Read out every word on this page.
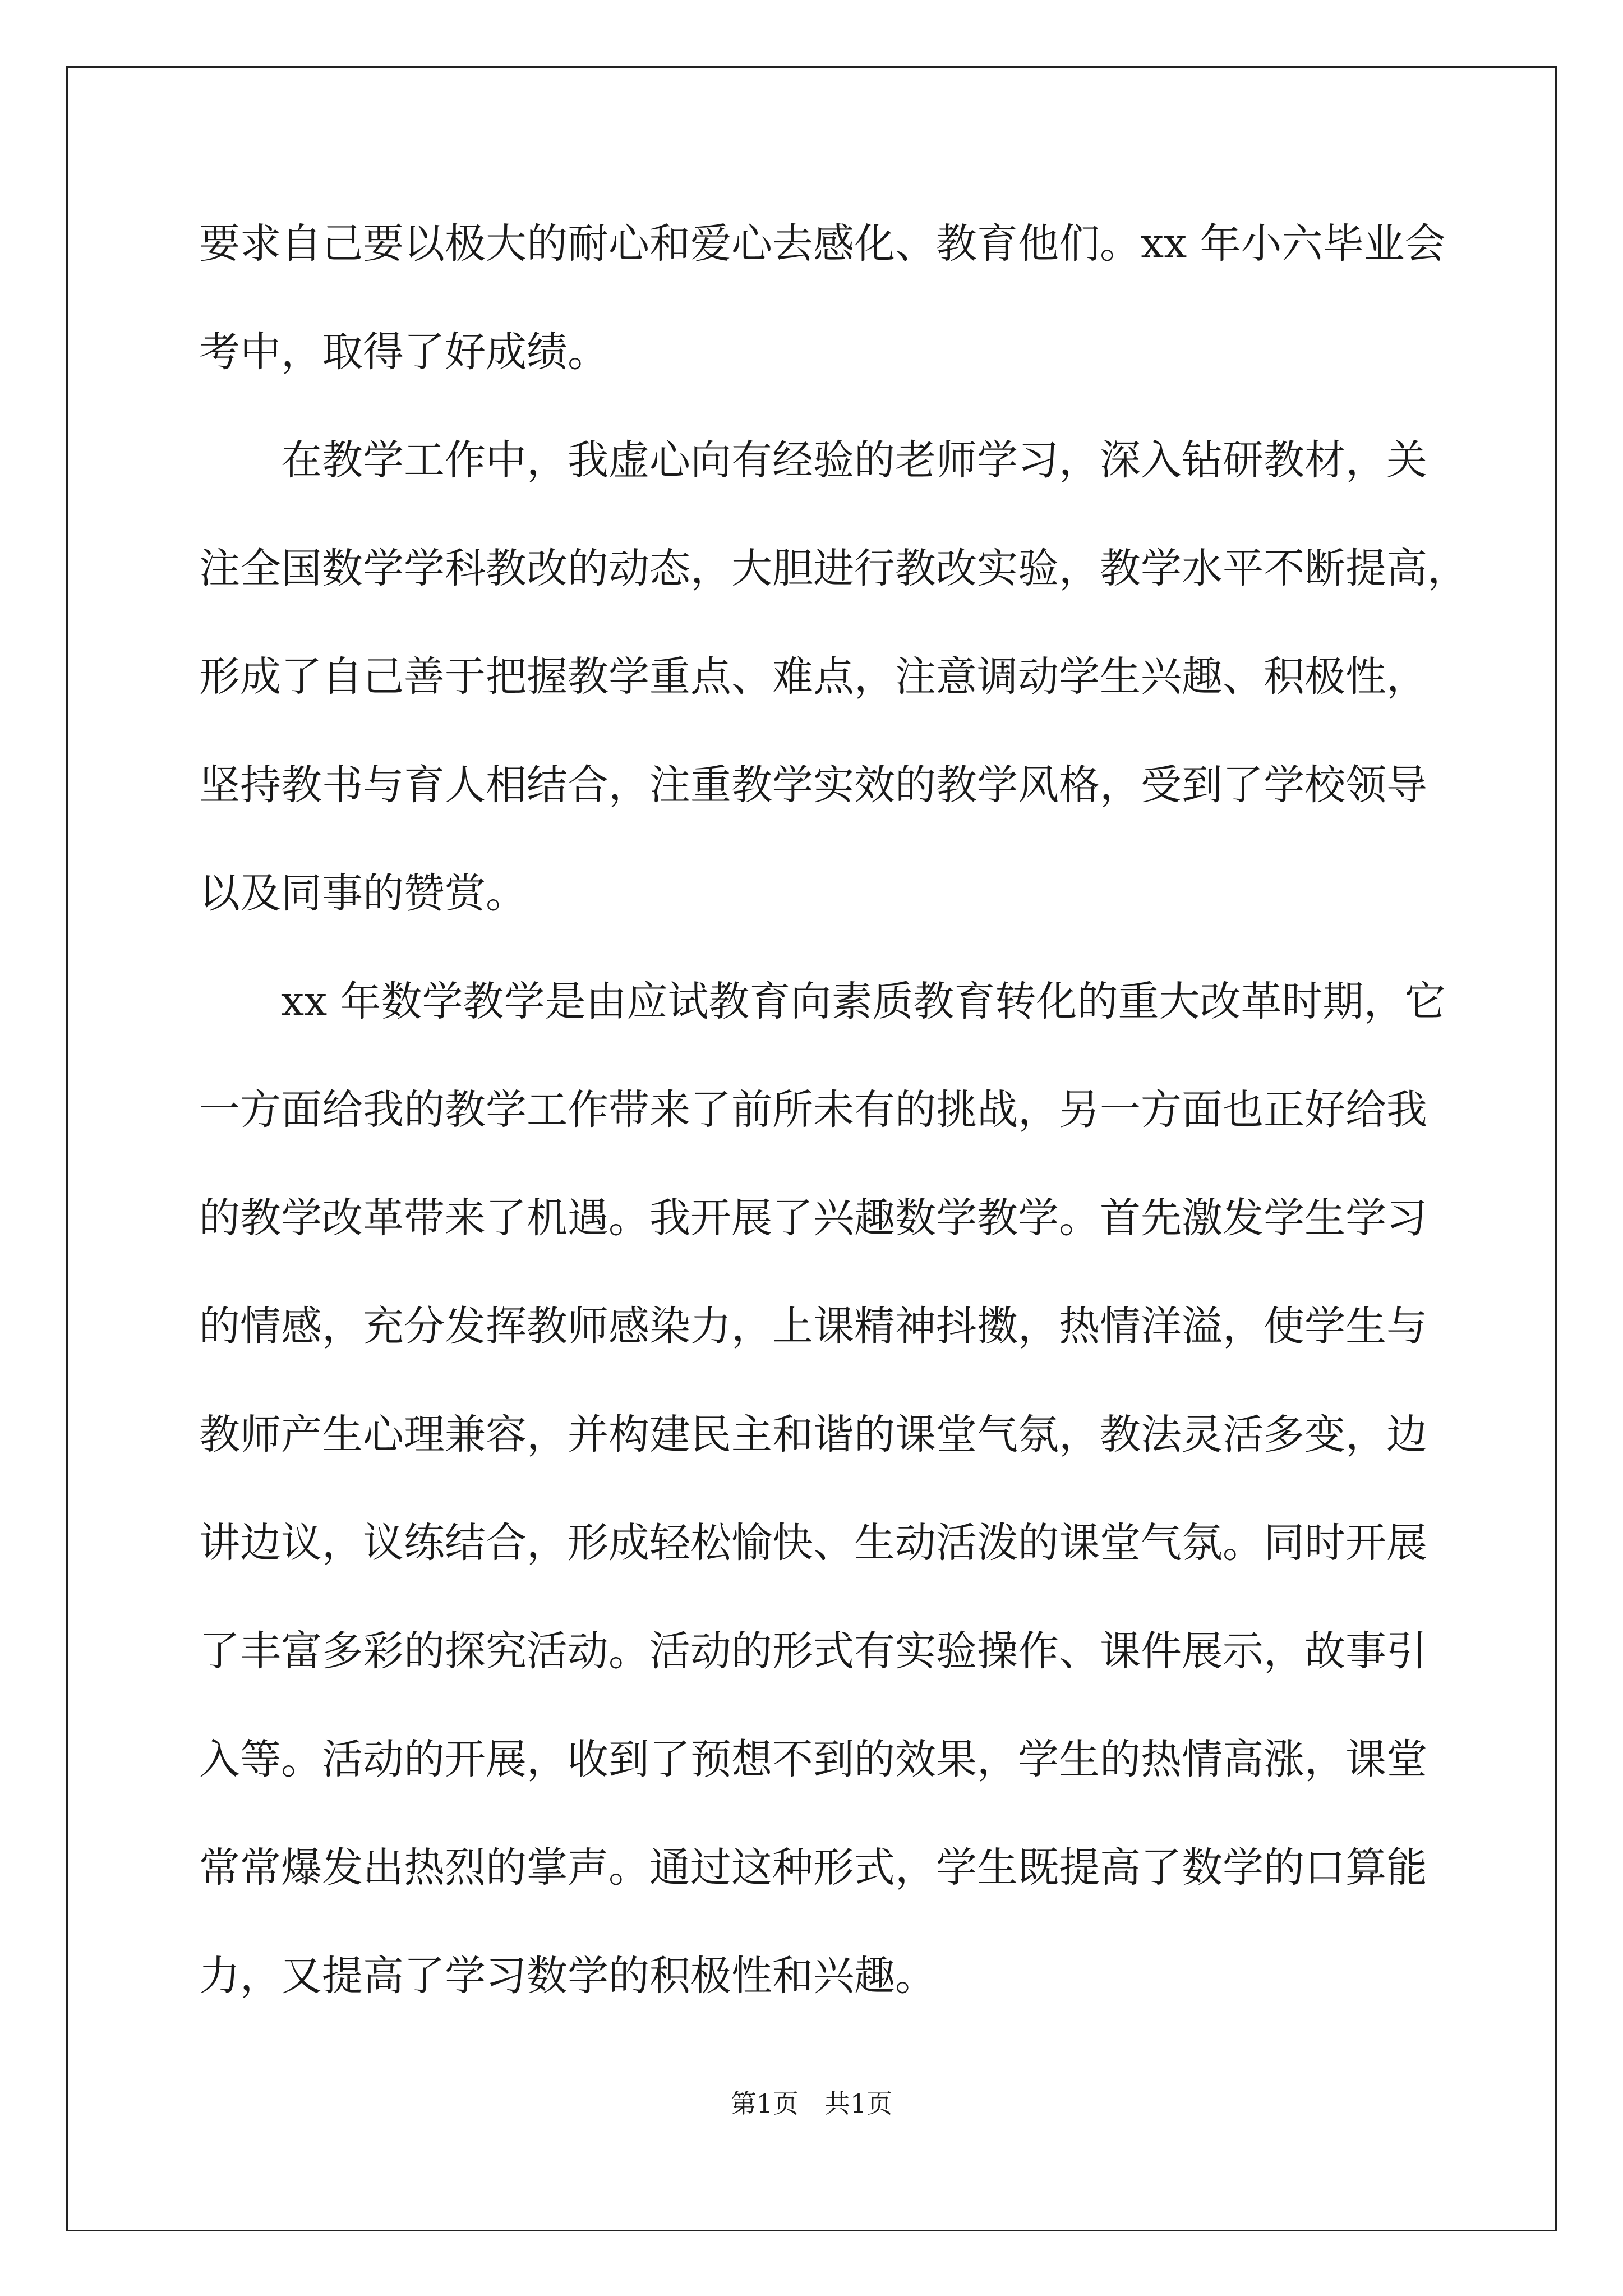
要求自己要以极大的耐心和爱心去感化、教育他们。xx 年小六毕业会
考中，取得了好成绩。
在教学工作中，我虚心向有经验的老师学习，深入钻研教材，关
注全国数学学科教改的动态，大胆进行教改实验，教学水平不断提高，
形成了自己善于把握教学重点、难点，注意调动学生兴趣、积极性，
坚持教书与育人相结合，注重教学实效的教学风格，受到了学校领导
以及同事的赞赏。
xx 年数学教学是由应试教育向素质教育转化的重大改革时期，它
一方面给我的教学工作带来了前所未有的挑战，另一方面也正好给我
的教学改革带来了机遇。我开展了兴趣数学教学。首先激发学生学习
的情感，充分发挥教师感染力，上课精神抖擞，热情洋溢，使学生与
教师产生心理兼容，并构建民主和谐的课堂气氛，教法灵活多变，边
讲边议，议练结合，形成轻松愉快、生动活泼的课堂气氛。同时开展
了丰富多彩的探究活动。活动的形式有实验操作、课件展示，故事引
入等。活动的开展，收到了预想不到的效果，学生的热情高涨，课堂
常常爆发出热烈的掌声。通过这种形式，学生既提高了数学的口算能
力，又提高了学习数学的积极性和兴趣。
第1页　共1页
